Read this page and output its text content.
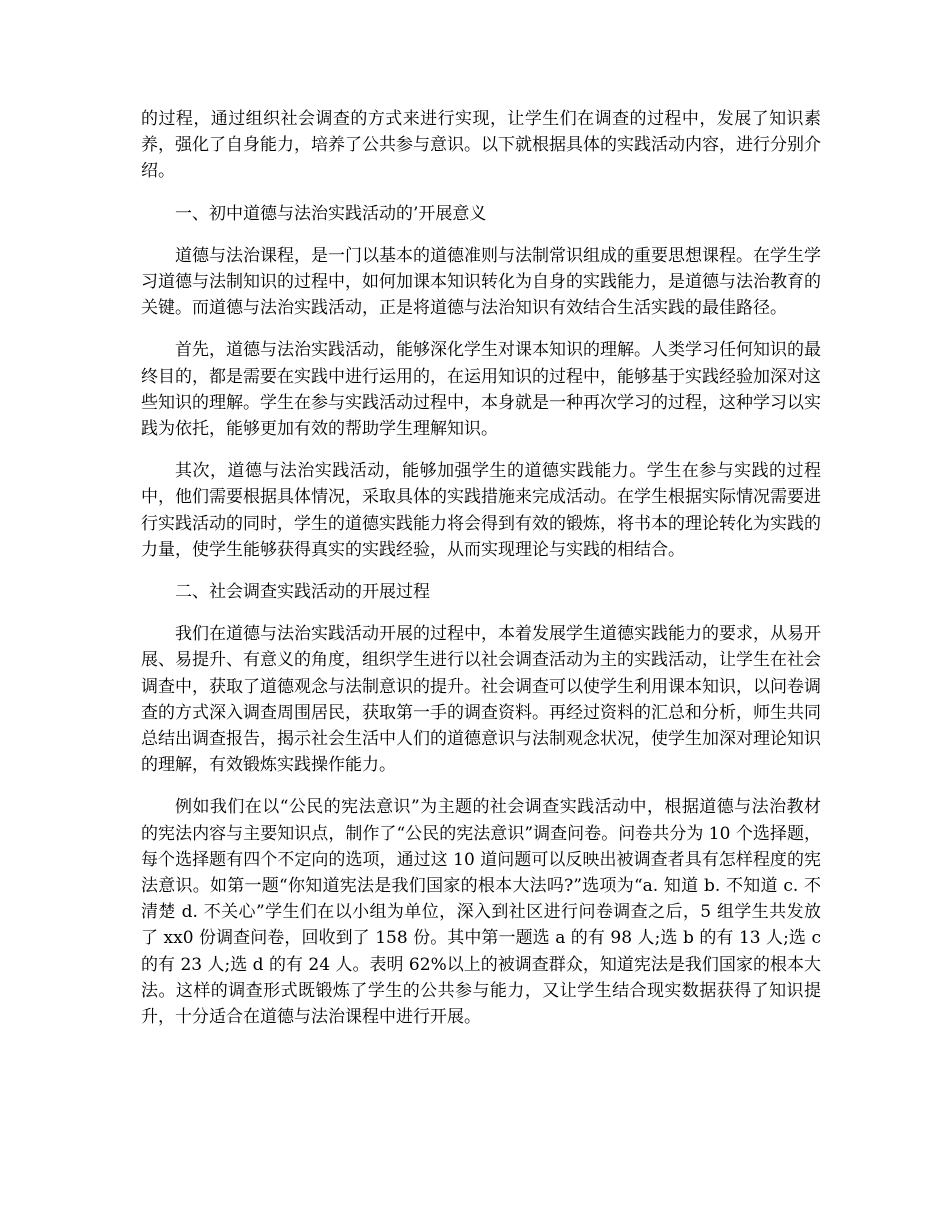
的过程，通过组织社会调查的方式来进行实现，让学生们在调查的过程中，发展了知识素养，强化了自身能力，培养了公共参与意识。以下就根据具体的实践活动内容，进行分别介绍。

一、初中道德与法治实践活动的’开展意义

道德与法治课程，是一门以基本的道德准则与法制常识组成的重要思想课程。在学生学习道德与法制知识的过程中，如何加课本知识转化为自身的实践能力，是道德与法治教育的关键。而道德与法治实践活动，正是将道德与法治知识有效结合生活实践的最佳路径。

首先，道德与法治实践活动，能够深化学生对课本知识的理解。人类学习任何知识的最终目的，都是需要在实践中进行运用的，在运用知识的过程中，能够基于实践经验加深对这些知识的理解。学生在参与实践活动过程中，本身就是一种再次学习的过程，这种学习以实践为依托，能够更加有效的帮助学生理解知识。

其次，道德与法治实践活动，能够加强学生的道德实践能力。学生在参与实践的过程中，他们需要根据具体情况，采取具体的实践措施来完成活动。在学生根据实际情况需要进行实践活动的同时，学生的道德实践能力将会得到有效的锻炼，将书本的理论转化为实践的力量，使学生能够获得真实的实践经验，从而实现理论与实践的相结合。

二、社会调查实践活动的开展过程

我们在道德与法治实践活动开展的过程中，本着发展学生道德实践能力的要求，从易开展、易提升、有意义的角度，组织学生进行以社会调查活动为主的实践活动，让学生在社会调查中，获取了道德观念与法制意识的提升。社会调查可以使学生利用课本知识，以问卷调查的方式深入调查周围居民，获取第一手的调查资料。再经过资料的汇总和分析，师生共同总结出调查报告，揭示社会生活中人们的道德意识与法制观念状况，使学生加深对理论知识的理解，有效锻炼实践操作能力。

例如我们在以“公民的宪法意识”为主题的社会调查实践活动中，根据道德与法治教材的宪法内容与主要知识点，制作了“公民的宪法意识”调查问卷。问卷共分为 10 个选择题，每个选择题有四个不定向的选项，通过这 10 道问题可以反映出被调查者具有怎样程度的宪法意识。如第一题“你知道宪法是我们国家的根本大法吗?”选项为“a. 知道 b. 不知道 c. 不清楚 d. 不关心”学生们在以小组为单位，深入到社区进行问卷调查之后，5 组学生共发放了 xx0 份调查问卷，回收到了 158 份。其中第一题选 a 的有 98 人;选 b 的有 13 人;选 c 的有 23 人;选 d 的有 24 人。表明 62%以上的被调查群众，知道宪法是我们国家的根本大法。这样的调查形式既锻炼了学生的公共参与能力，又让学生结合现实数据获得了知识提升，十分适合在道德与法治课程中进行开展。
